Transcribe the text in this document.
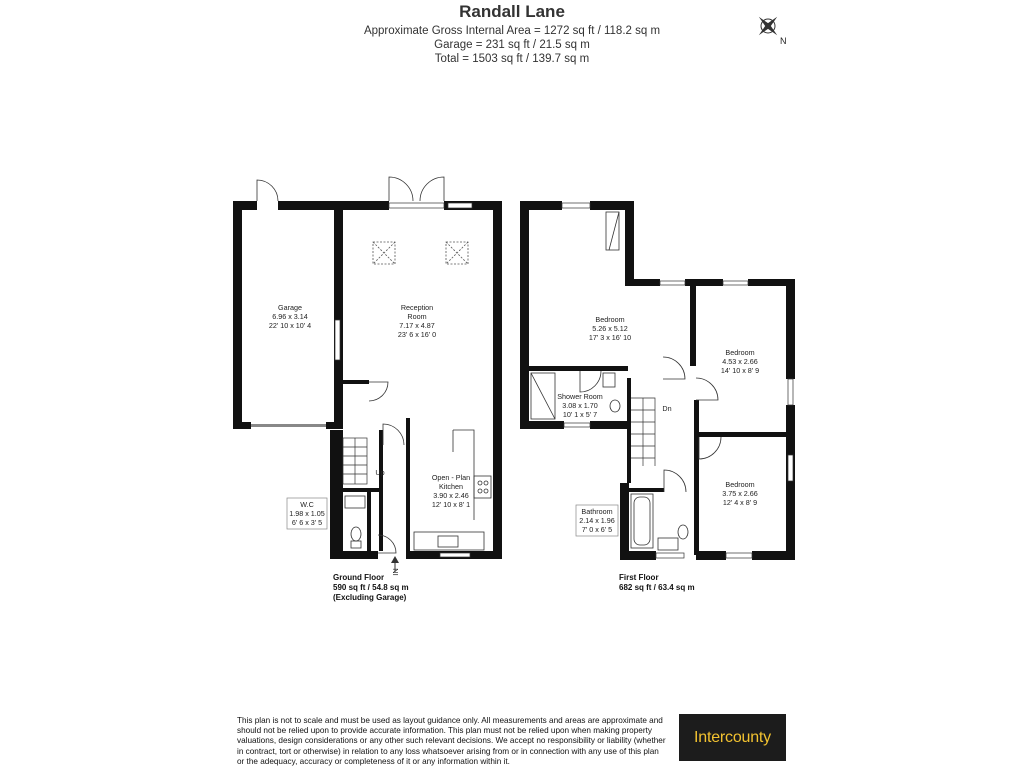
Randall Lane
Approximate Gross Internal Area = 1272 sq ft / 118.2 sq m
Garage = 231 sq ft / 21.5 sq m
Total = 1503 sq ft / 139.7 sq m
N
Garage
6.96 x 3.14
22' 10 x 10' 4
Reception
Room
7.17 x 4.87
23' 6 x 16' 0
Open - Plan
Kitchen
3.90 x 2.46
12' 10 x 8' 1
Up
IN
Bedroom
5.26 x 5.12
17' 3 x 16' 10
Bedroom
4.53 x 2.66
14' 10 x 8' 9
Shower Room
3.08 x 1.70
10' 1 x 5' 7
Bedroom
3.75 x 2.66
12' 4 x 8' 9
Dn
W.C
1.98 x 1.05
6' 6 x 3' 5
Bathroom
2.14 x 1.96
7' 0 x 6' 5
Ground Floor
590 sq ft / 54.8 sq m
(Excluding Garage)
First Floor
682 sq ft / 63.4 sq m
This plan is not to scale and must be used as layout guidance only. All measurements and areas are approximate and should not be relied upon to provide accurate information. This plan must not be relied upon when making property valuations, design considerations or any other such relevant decisions. We accept no responsibility or liability (whether in contract, tort or otherwise) in relation to any loss whatsoever arising from or in connection with any use of this plan or the adequacy, accuracy or completeness of it or any information within it.
Intercounty
